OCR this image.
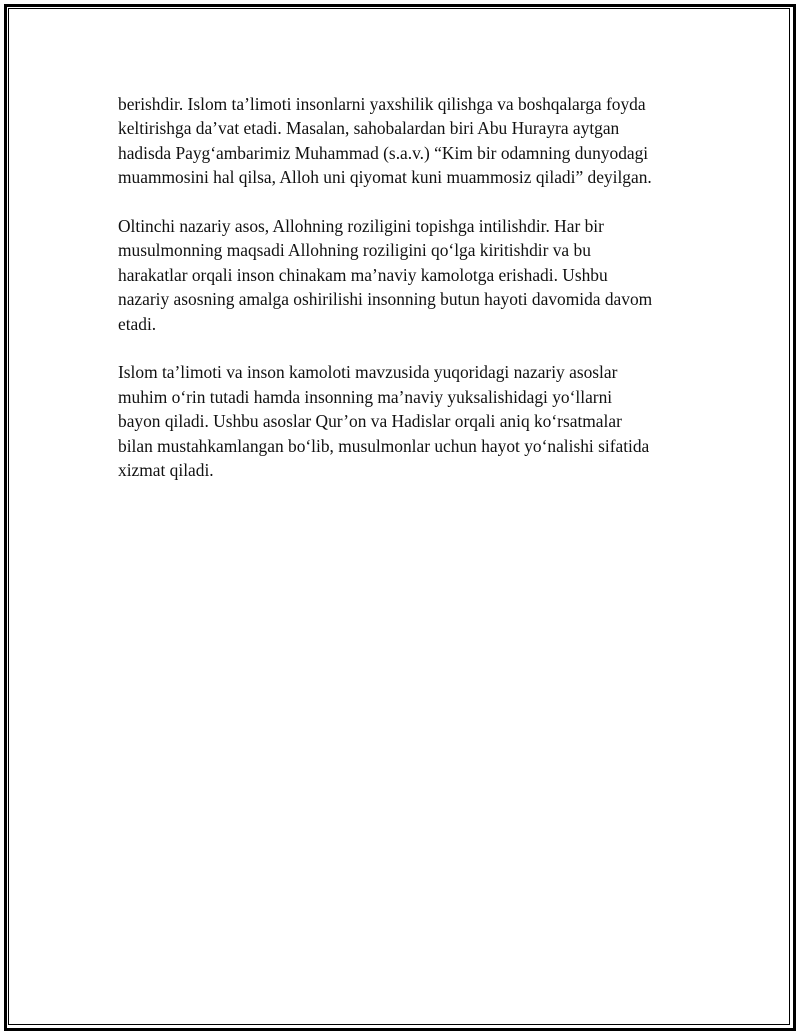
berishdir. Islom ta’limoti insonlarni yaxshilik qilishga va boshqalarga foyda
keltirishga da’vat etadi. Masalan, sahobalardan biri Abu Hurayra aytgan
hadisda Payg‘ambarimiz Muhammad (s.a.v.) “Kim bir odamning dunyodagi
muammosini hal qilsa, Alloh uni qiyomat kuni muammosiz qiladi” deyilgan.

Oltinchi nazariy asos, Allohning roziligini topishga intilishdir. Har bir
musulmonning maqsadi Allohning roziligini qo‘lga kiritishdir va bu
harakatlar orqali inson chinakam ma’naviy kamolotga erishadi. Ushbu
nazariy asosning amalga oshirilishi insonning butun hayoti davomida davom
etadi.

Islom ta’limoti va inson kamoloti mavzusida yuqoridagi nazariy asoslar
muhim o‘rin tutadi hamda insonning ma’naviy yuksalishidagi yo‘llarni
bayon qiladi. Ushbu asoslar Qur’on va Hadislar orqali aniq ko‘rsatmalar
bilan mustahkamlangan bo‘lib, musulmonlar uchun hayot yo‘nalishi sifatida
xizmat qiladi.
